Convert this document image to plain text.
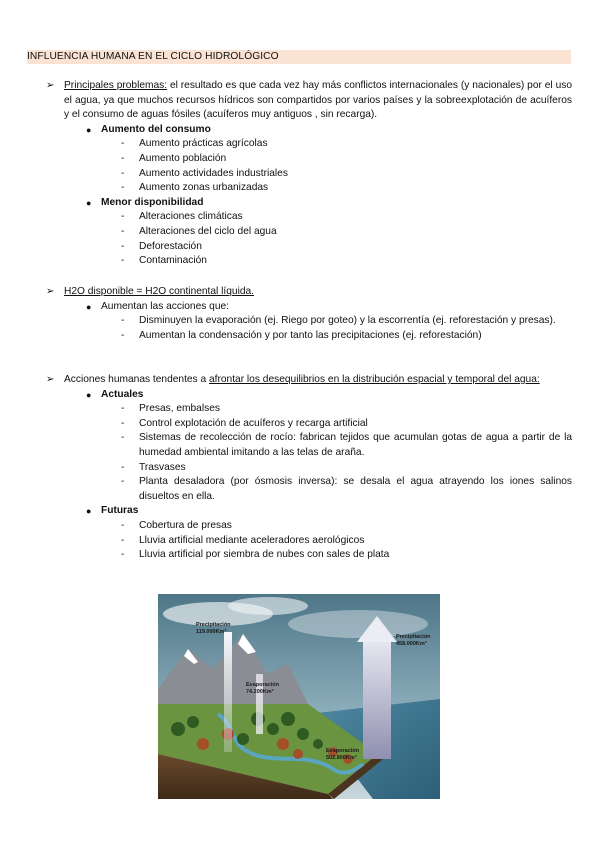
INFLUENCIA HUMANA EN EL CICLO HIDROLÓGICO
➢ Principales problemas: el resultado es que cada vez hay más conflictos internacionales (y nacionales) por el uso el agua, ya que muchos recursos hídricos son compartidos por varios países y la sobreexplotación de acuíferos y el consumo de aguas fósiles (acuíferos muy antiguos , sin recarga).
● Aumento del consumo
- Aumento prácticas agrícolas
- Aumento población
- Aumento actividades industriales
- Aumento zonas urbanizadas
● Menor disponibilidad
- Alteraciones climáticas
- Alteraciones del ciclo del agua
- Deforestación
- Contaminación
➢ H2O disponible = H2O continental líquida.
● Aumentan las acciones que:
- Disminuyen la evaporación (ej. Riego por goteo) y la escorrentía (ej. reforestación y presas).
- Aumentan la condensación y por tanto las precipitaciones (ej. reforestación)
➢ Acciones humanas tendentes a afrontar los desequilibrios en la distribución espacial y temporal del agua:
● Actuales
- Presas, embalses
- Control explotación de acuíferos y recarga artificial
- Sistemas de recolección de rocío: fabrican tejidos que acumulan gotas de agua a partir de la humedad ambiental imitando a las telas de araña.
- Trasvases
- Planta desaladora (por ósmosis inversa): se desala el agua atrayendo los iones salinos disueltos en ella.
● Futuras
- Cobertura de presas
- Lluvia artificial mediante aceleradores aerológicos
- Lluvia artificial por siembra de nubes con sales de plata
Precipitación
119.000Km³
Evaporación
74.200Km³
Precipitación
458.000Km³
Evaporación
502.800Km³
